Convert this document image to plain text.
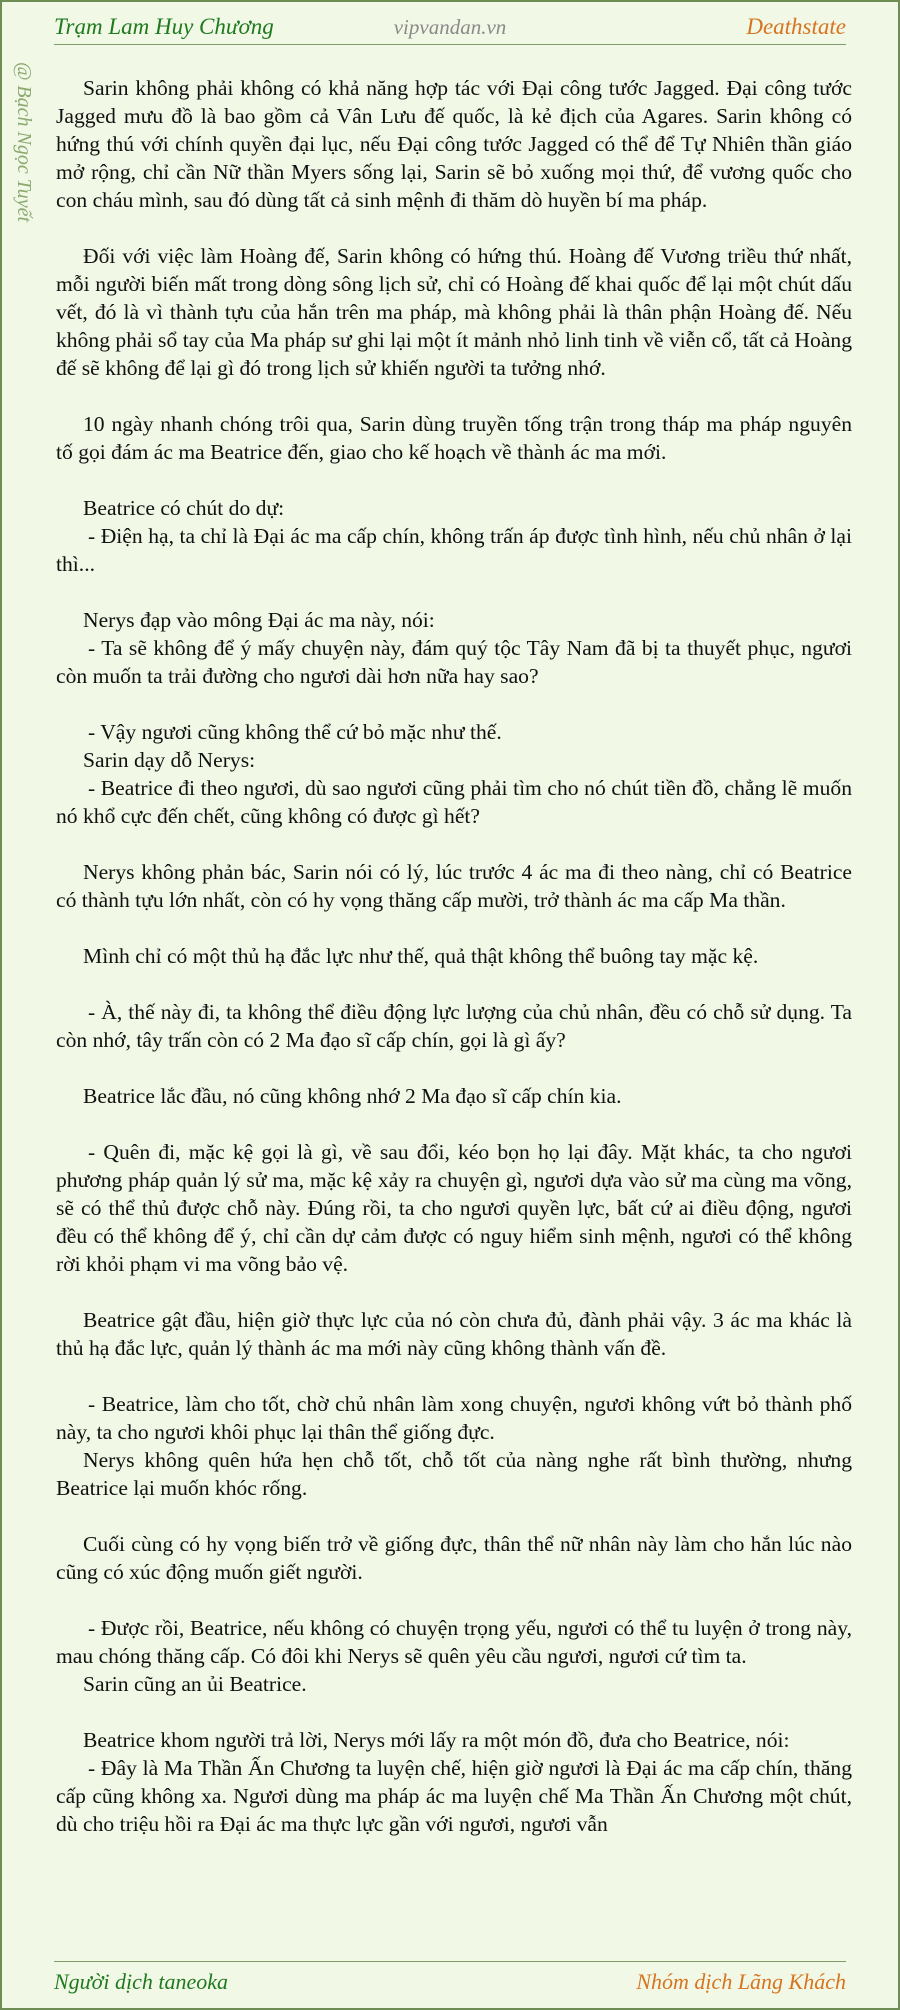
vipvandan.vn
Trạm Lam Huy Chương	Deathstate
@ Bạch Ngọc Tuyết	Sarin không phải không có khả năng hợp tác với Đại công tước Jagged. Đại công tước Jagged mưu đồ là bao gồm cả Vân Lưu đế quốc, là kẻ địch của Agares. Sarin không có hứng thú với chính quyền đại lục, nếu Đại công tước Jagged có thể để Tự Nhiên thần giáo mở rộng, chỉ cần Nữ thần Myers sống lại, Sarin sẽ bỏ xuống mọi thứ, để vương quốc cho con cháu mình, sau đó dùng tất cả sinh mệnh đi thăm dò huyền bí ma pháp.

Đối với việc làm Hoàng đế, Sarin không có hứng thú. Hoàng đế Vương triều thứ nhất, mỗi người biến mất trong dòng sông lịch sử, chỉ có Hoàng đế khai quốc để lại một chút dấu vết, đó là vì thành tựu của hắn trên ma pháp, mà không phải là thân phận Hoàng đế. Nếu không phải sổ tay của Ma pháp sư ghi lại một ít mảnh nhỏ linh tinh về viễn cổ, tất cả Hoàng đế sẽ không để lại gì đó trong lịch sử khiến người ta tưởng nhớ.

10 ngày nhanh chóng trôi qua, Sarin dùng truyền tống trận trong tháp ma pháp nguyên tố gọi đám ác ma Beatrice đến, giao cho kế hoạch về thành ác ma mới.

Beatrice có chút do dự:

- Điện hạ, ta chỉ là Đại ác ma cấp chín, không trấn áp được tình hình, nếu chủ nhân ở lại thì...

Nerys đạp vào mông Đại ác ma này, nói:

- Ta sẽ không để ý mấy chuyện này, đám quý tộc Tây Nam đã bị ta thuyết phục, ngươi còn muốn ta trải đường cho ngươi dài hơn nữa hay sao?

- Vậy ngươi cũng không thể cứ bỏ mặc như thế.

Sarin dạy dỗ Nerys:

- Beatrice đi theo ngươi, dù sao ngươi cũng phải tìm cho nó chút tiền đồ, chẳng lẽ muốn nó khổ cực đến chết, cũng không có được gì hết?

Nerys không phản bác, Sarin nói có lý, lúc trước 4 ác ma đi theo nàng, chỉ có Beatrice có thành tựu lớn nhất, còn có hy vọng thăng cấp mười, trở thành ác ma cấp Ma thần.

Mình chỉ có một thủ hạ đắc lực như thế, quả thật không thể buông tay mặc kệ.

- À, thế này đi, ta không thể điều động lực lượng của chủ nhân, đều có chỗ sử dụng. Ta còn nhớ, tây trấn còn có 2 Ma đạo sĩ cấp chín, gọi là gì ấy?

Beatrice lắc đầu, nó cũng không nhớ 2 Ma đạo sĩ cấp chín kia.

- Quên đi, mặc kệ gọi là gì, về sau đổi, kéo bọn họ lại đây. Mặt khác, ta cho ngươi phương pháp quản lý sử ma, mặc kệ xảy ra chuyện gì, ngươi dựa vào sử ma cùng ma võng, sẽ có thể thủ được chỗ này. Đúng rồi, ta cho ngươi quyền lực, bất cứ ai điều động, ngươi đều có thể không để ý, chỉ cần dự cảm được có nguy hiểm sinh mệnh, ngươi có thể không rời khỏi phạm vi ma võng bảo vệ.

Beatrice gật đầu, hiện giờ thực lực của nó còn chưa đủ, đành phải vậy. 3 ác ma khác là thủ hạ đắc lực, quản lý thành ác ma mới này cũng không thành vấn đề.

- Beatrice, làm cho tốt, chờ chủ nhân làm xong chuyện, ngươi không vứt bỏ thành phố này, ta cho ngươi khôi phục lại thân thể giống đực.

Nerys không quên hứa hẹn chỗ tốt, chỗ tốt của nàng nghe rất bình thường, nhưng Beatrice lại muốn khóc rống.

Cuối cùng có hy vọng biến trở về giống đực, thân thể nữ nhân này làm cho hắn lúc nào cũng có xúc động muốn giết người.

- Được rồi, Beatrice, nếu không có chuyện trọng yếu, ngươi có thể tu luyện ở trong này, mau chóng thăng cấp. Có đôi khi Nerys sẽ quên yêu cầu ngươi, ngươi cứ tìm ta.

Sarin cũng an ủi Beatrice.

Beatrice khom người trả lời, Nerys mới lấy ra một món đồ, đưa cho Beatrice, nói:

- Đây là Ma Thần Ấn Chương ta luyện chế, hiện giờ ngươi là Đại ác ma cấp chín, thăng cấp cũng không xa. Ngươi dùng ma pháp ác ma luyện chế Ma Thần Ấn Chương một chút, dù cho triệu hồi ra Đại ác ma thực lực gần với ngươi, ngươi vẫn

Người dịch taneoka	Nhóm dịch Lãng Khách
